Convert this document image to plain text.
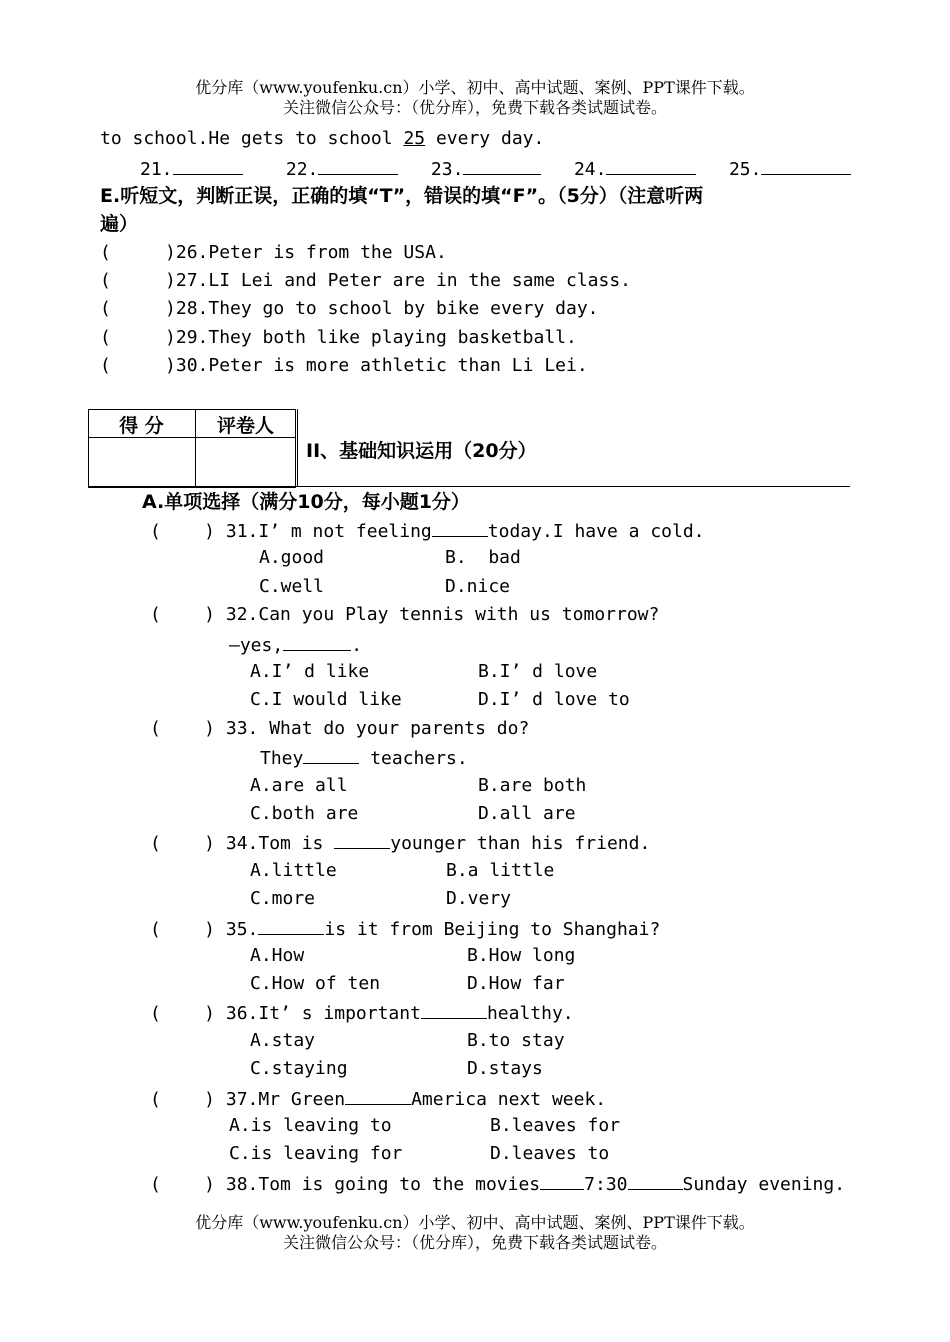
优分库（www.youfenku.cn）小学、初中、高中试题、案例、PPT课件下载。
关注微信公众号：（优分库），免费下载各类试题试卷。
to school.He gets to school 25 every day.
21.	22.	23.	24.	25.
E.听短文，判断正误，正确的填“T”，错误的填“F”。（5分）（注意听两
遍）
(     )26.Peter is from the USA.
(     )27.LI Lei and Peter are in the same class.
(     )28.They go to school by bike every day.
(     )29.They both like playing basketball.
(     )30.Peter is more athletic than Li Lei.
得 分	评卷人
II、基础知识运用（20分）
A.单项选择（满分10分，每小题1分）
(    ) 31.I’ m not feeling	today.I have a cold.
A.good	B.  bad
C.well	D.nice
(    ) 32.Can you Play tennis with us tomorrow?
—yes,	.
A.I’ d like	B.I’ d love
C.I would like	D.I’ d love to
(    ) 33. What do your parents do?
They	teachers.
A.are all	B.are both
C.both are	D.all are
(    ) 34.Tom is	younger than his friend.
A.little	B.a little
C.more	D.very
(    ) 35.	is it from Beijing to Shanghai?
A.How	B.How long
C.How of ten	D.How far
(    ) 36.It’ s important	healthy.
A.stay	B.to stay
C.staying	D.stays
(    ) 37.Mr Green	America next week.
A.is leaving to	B.leaves for
C.is leaving for	D.leaves to
(    ) 38.Tom is going to the movies 7:30	Sunday evening.
优分库（www.youfenku.cn）小学、初中、高中试题、案例、PPT课件下载。
关注微信公众号：（优分库），免费下载各类试题试卷。
